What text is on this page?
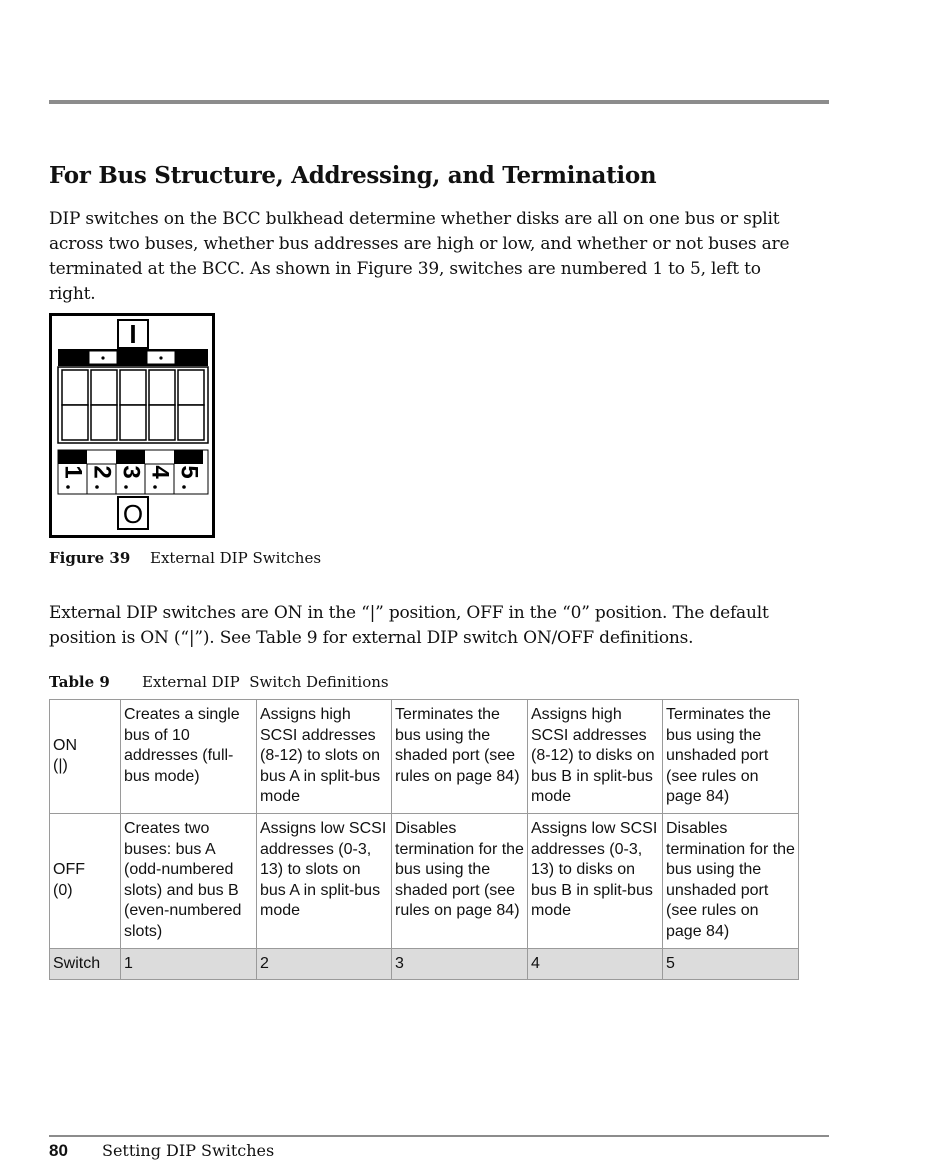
For Bus Structure, Addressing, and Termination

DIP switches on the BCC bulkhead determine whether disks are all on one bus or split across two buses, whether bus addresses are high or low, and whether or not buses are terminated at the BCC. As shown in Figure 39, switches are numbered 1 to 5, left to right.

I
1 2 3 4 5
O
Figure 39 External DIP Switches

External DIP switches are ON in the “|” position, OFF in the “0” position. The default position is ON (“|”). See Table 9 for external DIP switch ON/OFF definitions.

Table 9 External DIP  Switch Definitions
ON
(|)	Creates a single bus of 10 addresses (full-bus mode)	Assigns high SCSI addresses (8-12) to slots on bus A in split-bus mode	Terminates the bus using the shaded port (see rules on page 84)	Assigns high SCSI addresses (8-12) to disks on bus B in split-bus mode	Terminates the bus using the unshaded port (see rules on page 84)

OFF
(0)	Creates two buses: bus A (odd-numbered slots) and bus B (even-numbered slots)	Assigns low SCSI addresses (0-3, 13) to slots on bus A in split-bus mode	Disables termination for the bus using the shaded port (see rules on page 84)	Assigns low SCSI addresses (0-3, 13) to disks on bus B in split-bus mode	Disables termination for the bus using the unshaded port (see rules on page 84)
Switch	1	2	3	4	5
80 Setting DIP Switches
